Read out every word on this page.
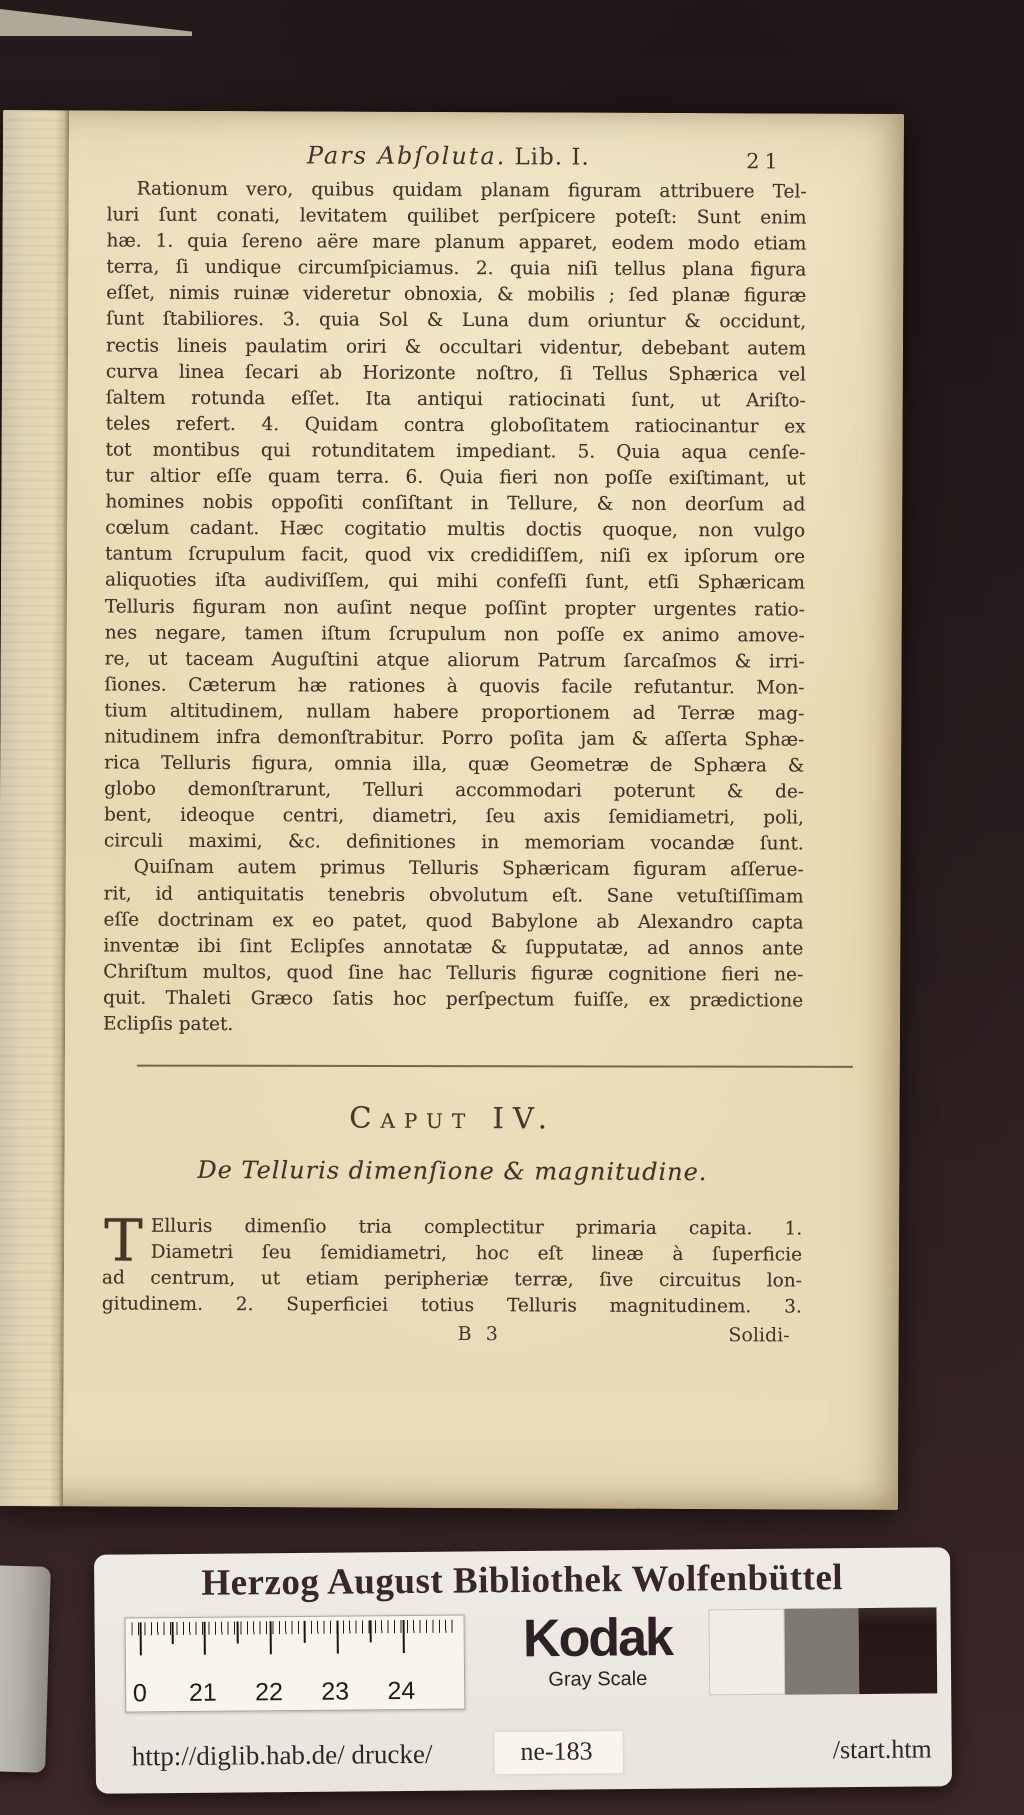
Pars Abſoluta. Lib. I.	21
Rationum vero, quibus quidam planam figuram attribuere Tel-
luri ſunt conati, levitatem quilibet perſpicere poteſt: Sunt enim
hæ. 1. quia ſereno aëre mare planum apparet, eodem modo etiam
terra, ſi undique circumſpiciamus. 2. quia niſi tellus plana figura
eſſet, nimis ruinæ videretur obnoxia, & mobilis ; ſed planæ figuræ
ſunt ſtabiliores. 3. quia Sol & Luna dum oriuntur & occidunt,
rectis lineis paulatim oriri & occultari videntur, debebant autem
curva linea ſecari ab Horizonte noſtro, ſi Tellus Sphærica vel
ſaltem rotunda eſſet. Ita antiqui ratiocinati ſunt, ut Ariſto-
teles refert. 4. Quidam contra globoſitatem ratiocinantur ex
tot montibus qui rotunditatem impediant. 5. Quia aqua cenſe-
tur altior eſſe quam terra. 6. Quia fieri non poſſe exiſtimant, ut
homines nobis oppoſiti conſiſtant in Tellure, & non deorſum ad
cœlum cadant. Hæc cogitatio multis doctis quoque, non vulgo
tantum ſcrupulum facit, quod vix credidiſſem, niſi ex ipſorum ore
aliquoties iſta audiviſſem, qui mihi confeſſi ſunt, etſi Sphæricam
Telluris figuram non auſint neque poſſint propter urgentes ratio-
nes negare, tamen iſtum ſcrupulum non poſſe ex animo amove-
re, ut taceam Auguſtini atque aliorum Patrum ſarcaſmos & irri-
ſiones. Cæterum hæ rationes à quovis facile refutantur. Mon-
tium altitudinem, nullam habere proportionem ad Terræ mag-
nitudinem infra demonſtrabitur. Porro poſita jam & aſſerta Sphæ-
rica Telluris figura, omnia illa, quæ Geometræ de Sphæra &
globo demonſtrarunt, Telluri accommodari poterunt & de-
bent, ideoque centri, diametri, ſeu axis ſemidiametri, poli,
circuli maximi, &c. definitiones in memoriam vocandæ ſunt.
Quiſnam autem primus Telluris Sphæricam figuram aſſerue-
rit, id antiquitatis tenebris obvolutum eſt. Sane vetuſtiſſimam
eſſe doctrinam ex eo patet, quod Babylone ab Alexandro capta
inventæ ibi ſint Eclipſes annotatæ & ſupputatæ, ad annos ante
Chriſtum multos, quod ſine hac Telluris figuræ cognitione fieri ne-
quit. Thaleti Græco ſatis hoc perſpectum fuiſſe, ex prædictione
Eclipſis patet.
Caput IV.
De Telluris dimenſione & magnitudine.
T Elluris dimenſio tria complectitur primaria capita. 1.
Diametri ſeu ſemidiametri, hoc eſt lineæ à ſuperficie
ad centrum, ut etiam peripheriæ terræ, ſive circuitus lon-
gitudinem. 2. Superficiei totius Telluris magnitudinem. 3.
B 3	Solidi-
Herzog August Bibliothek Wolfenbüttel
0 21 22 23 24
Kodak
Gray Scale
http://diglib.hab.de/ drucke/	ne-183	/start.htm
